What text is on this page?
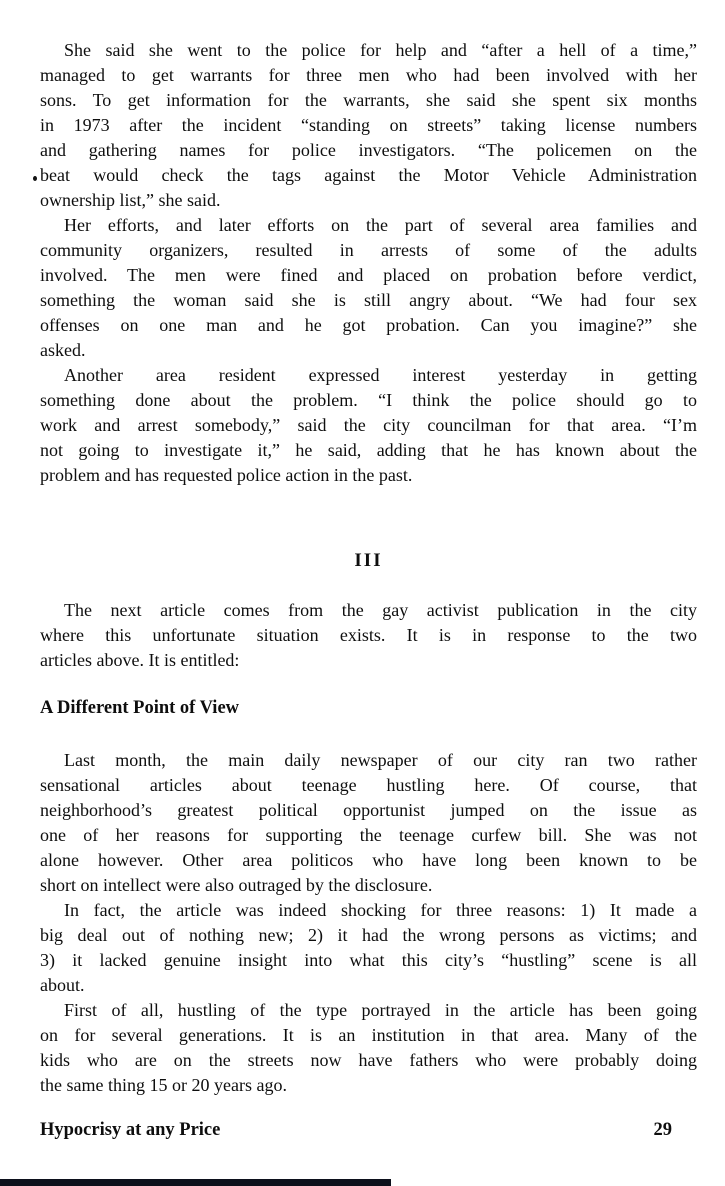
She said she went to the police for help and “after a hell of a time,”
managed to get warrants for three men who had been involved with her
sons. To get information for the warrants, she said she spent six months
in 1973 after the incident “standing on streets” taking license numbers
and gathering names for police investigators. “The policemen on the
beat would check the tags against the Motor Vehicle Administration
ownership list,” she said.
Her efforts, and later efforts on the part of several area families and
community organizers, resulted in arrests of some of the adults
involved. The men were fined and placed on probation before verdict,
something the woman said she is still angry about. “We had four sex
offenses on one man and he got probation. Can you imagine?” she
asked.
Another area resident expressed interest yesterday in getting
something done about the problem. “I think the police should go to
work and arrest somebody,” said the city councilman for that area. “I’m
not going to investigate it,” he said, adding that he has known about the
problem and has requested police action in the past.
III
The next article comes from the gay activist publication in the city
where this unfortunate situation exists. It is in response to the two
articles above. It is entitled:
A Different Point of View
Last month, the main daily newspaper of our city ran two rather
sensational articles about teenage hustling here. Of course, that
neighborhood’s greatest political opportunist jumped on the issue as
one of her reasons for supporting the teenage curfew bill. She was not
alone however. Other area politicos who have long been known to be
short on intellect were also outraged by the disclosure.
In fact, the article was indeed shocking for three reasons: 1) It made a
big deal out of nothing new; 2) it had the wrong persons as victims; and
3) it lacked genuine insight into what this city’s “hustling” scene is all
about.
First of all, hustling of the type portrayed in the article has been going
on for several generations. It is an institution in that area. Many of the
kids who are on the streets now have fathers who were probably doing
the same thing 15 or 20 years ago.
Hypocrisy at any Price	29
